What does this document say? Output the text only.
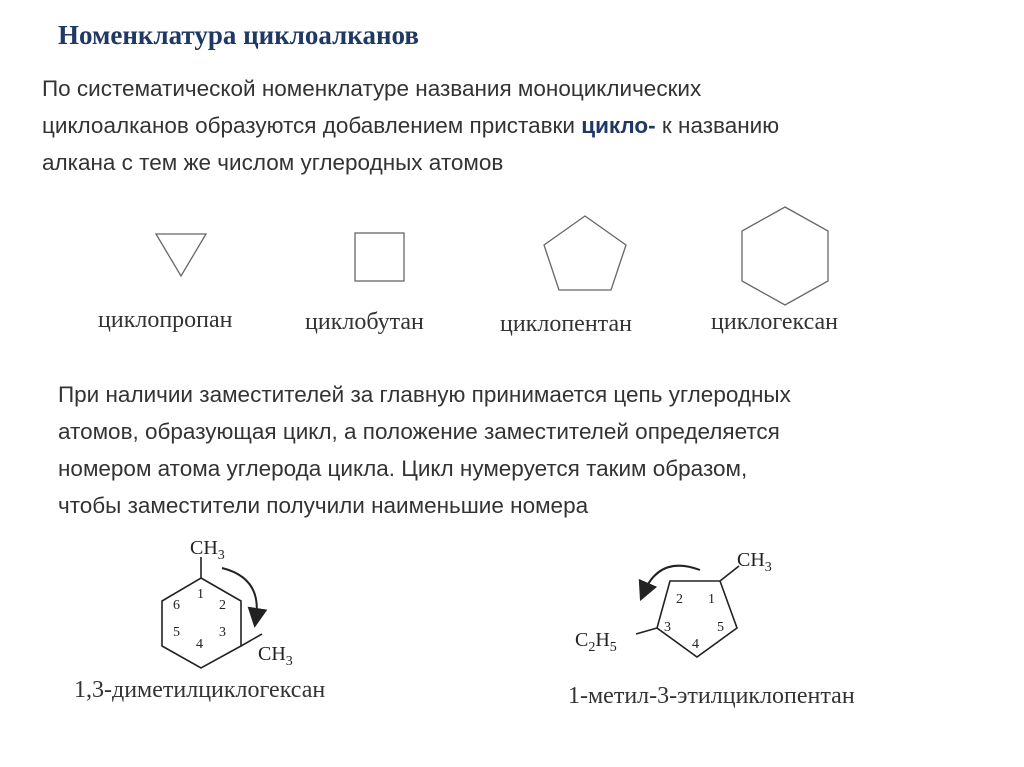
Номенклатура циклоалканов
По систематической номенклатуре названия моноциклических
циклоалканов образуются добавлением приставки цикло- к названию
алкана с тем же числом углеродных атомов
циклопропан	циклобутан	циклопентан	циклогексан
При наличии заместителей за главную принимается цепь углеродных
атомов, образующая цикл, а положение заместителей определяется
номером атома углерода цикла. Цикл нумеруется таким образом,
чтобы заместители получили наименьшие номера
$CH_3$
$CH_3$
1
2
3
4
5
6
1,3-диметилциклогексан
$CH_3$
$C_2H_5$
1
2
3
4
5
1-метил-3-этилциклопентан
